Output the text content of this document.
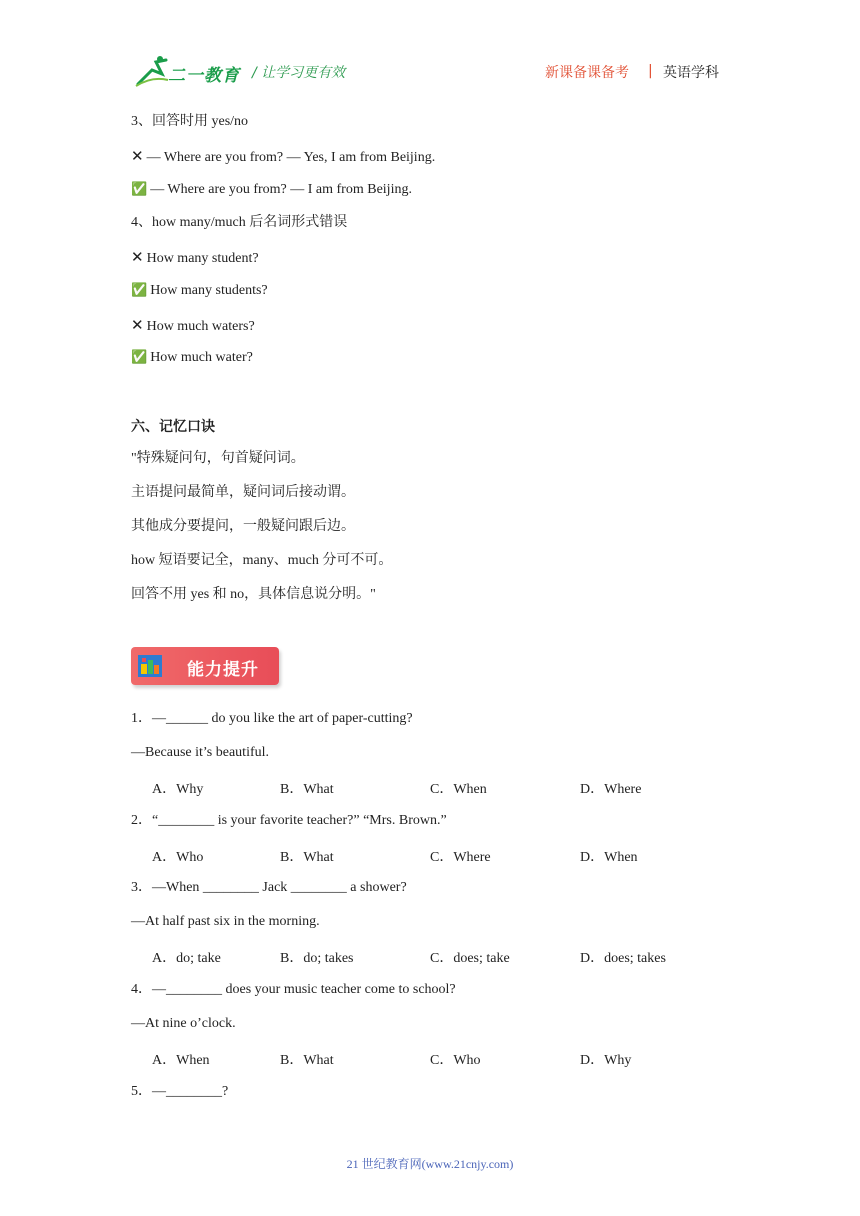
二一教育 / 让学习更有效	新课备课备考 | 英语学科
3、回答时用 yes/no
✕ — Where are you from? — Yes, I am from Beijing.
✅ — Where are you from? — I am from Beijing.
4、how many/much 后名词形式错误
✕ How many student?
✅ How many students?
✕ How much waters?
✅ How much water?
六、记忆口诀
"特殊疑问句，句首疑问词。
主语提问最简单，疑问词后接动谓。
其他成分要提问，一般疑问跟后边。
how 短语要记全，many、much 分可不可。
回答不用 yes 和 no，具体信息说分明。"
能力提升
1．—______ do you like the art of paper-cutting?
—Because it’s beautiful.
A．Why	B．What	C．When	D．Where
2．“________ is your favorite teacher?” “Mrs. Brown.”
A．Who	B．What	C．Where	D．When
3．—When ________ Jack ________ a shower?
—At half past six in the morning.
A．do; take	B．do; takes	C．does; take	D．does; takes
4．—________ does your music teacher come to school?
—At nine o’clock.
A．When	B．What	C．Who	D．Why
5．—________?
21 世纪教育网(www.21cnjy.com)
